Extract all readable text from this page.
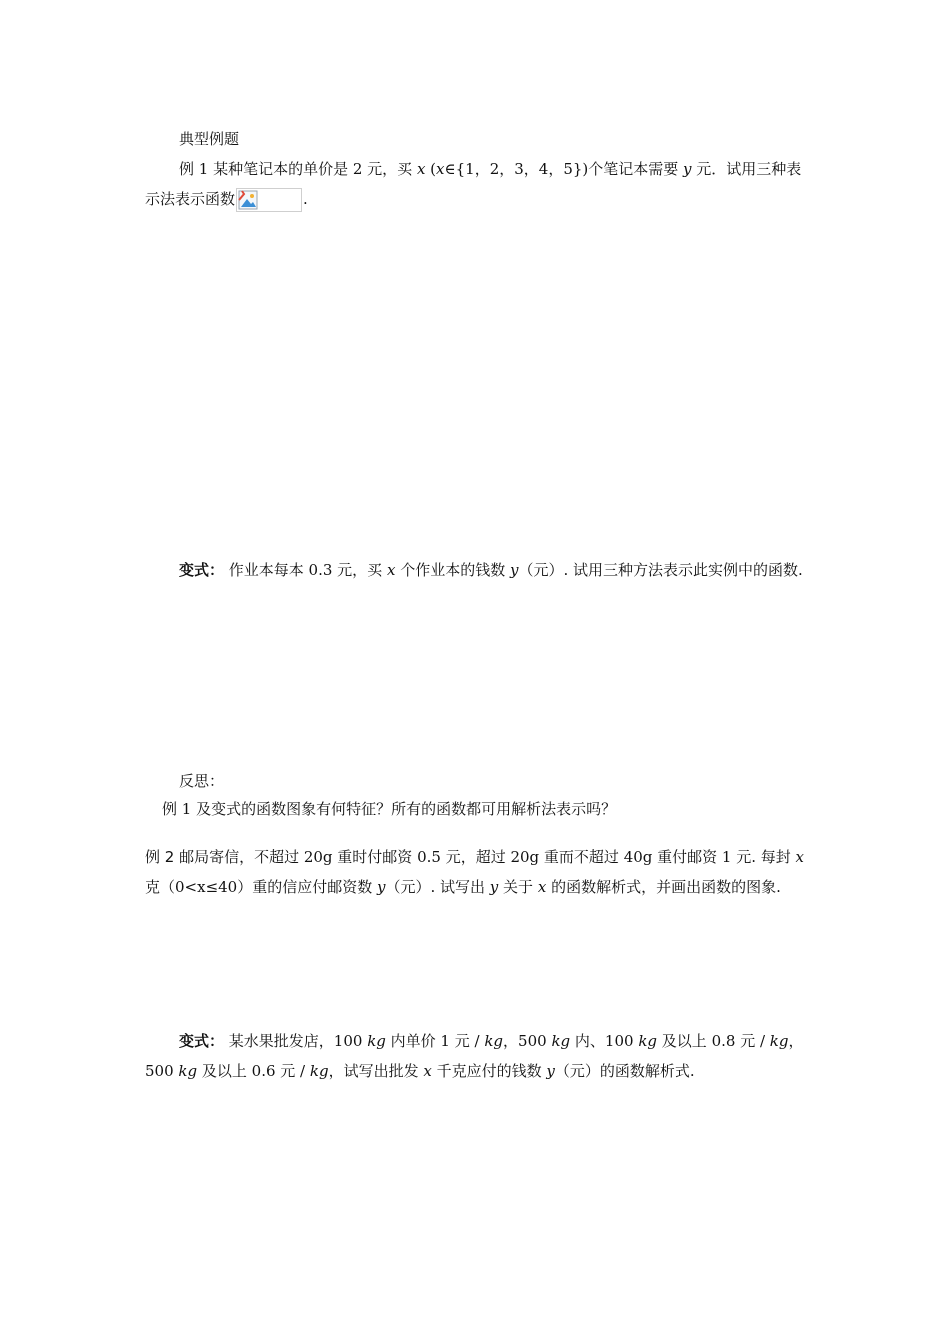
典型例题
例 1 某种笔记本的单价是 2 元，买 x (x∈{1，2，3，4，5})个笔记本需要 y 元．试用三种表示法表示函数	.
变式： 作业本每本 0.3 元，买 x 个作业本的钱数 y（元）. 试用三种方法表示此实例中的函数.
反思：
例 1 及变式的函数图象有何特征？所有的函数都可用解析法表示吗？
例 2 邮局寄信，不超过 20g 重时付邮资 0.5 元，超过 20g 重而不超过 40g 重付邮资 1 元. 每封 x 克（0<x≤40）重的信应付邮资数 y（元）. 试写出 y 关于 x 的函数解析式，并画出函数的图象.
变式： 某水果批发店，100 kg 内单价 1 元 / kg，500 kg 内、100 kg 及以上 0.8 元 / kg，500 kg 及以上 0.6 元 / kg，试写出批发 x 千克应付的钱数 y（元）的函数解析式.
